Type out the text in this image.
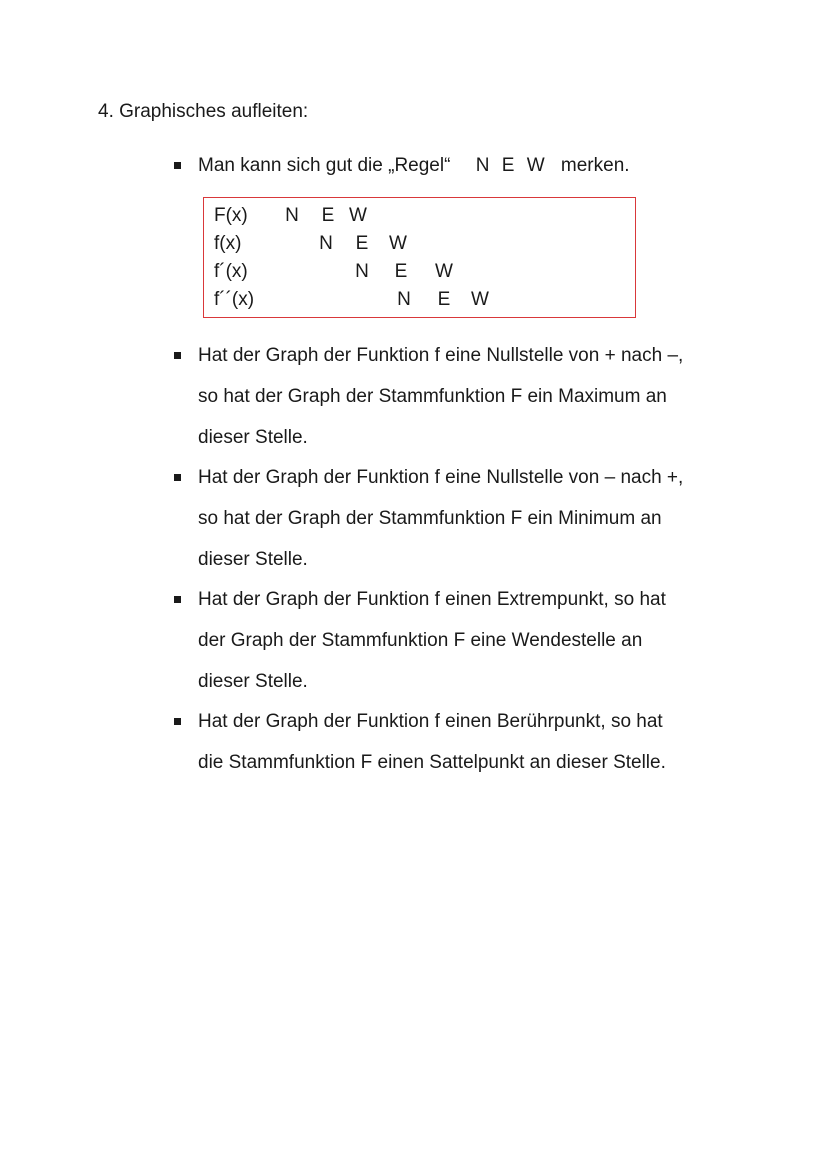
4. Graphisches aufleiten:
Man kann sich gut die „Regel“ N E W merken.
F(x) N E W
f(x)	N E W
f´(x)	N E W
f´´(x)	N E W
Hat der Graph der Funktion f eine Nullstelle von + nach –,
so hat der Graph der Stammfunktion F ein Maximum an
dieser Stelle.
Hat der Graph der Funktion f eine Nullstelle von – nach +,
so hat der Graph der Stammfunktion F ein Minimum an
dieser Stelle.
Hat der Graph der Funktion f einen Extrempunkt, so hat
der Graph der Stammfunktion F eine Wendestelle an
dieser Stelle.
Hat der Graph der Funktion f einen Berührpunkt, so hat
die Stammfunktion F einen Sattelpunkt an dieser Stelle.
